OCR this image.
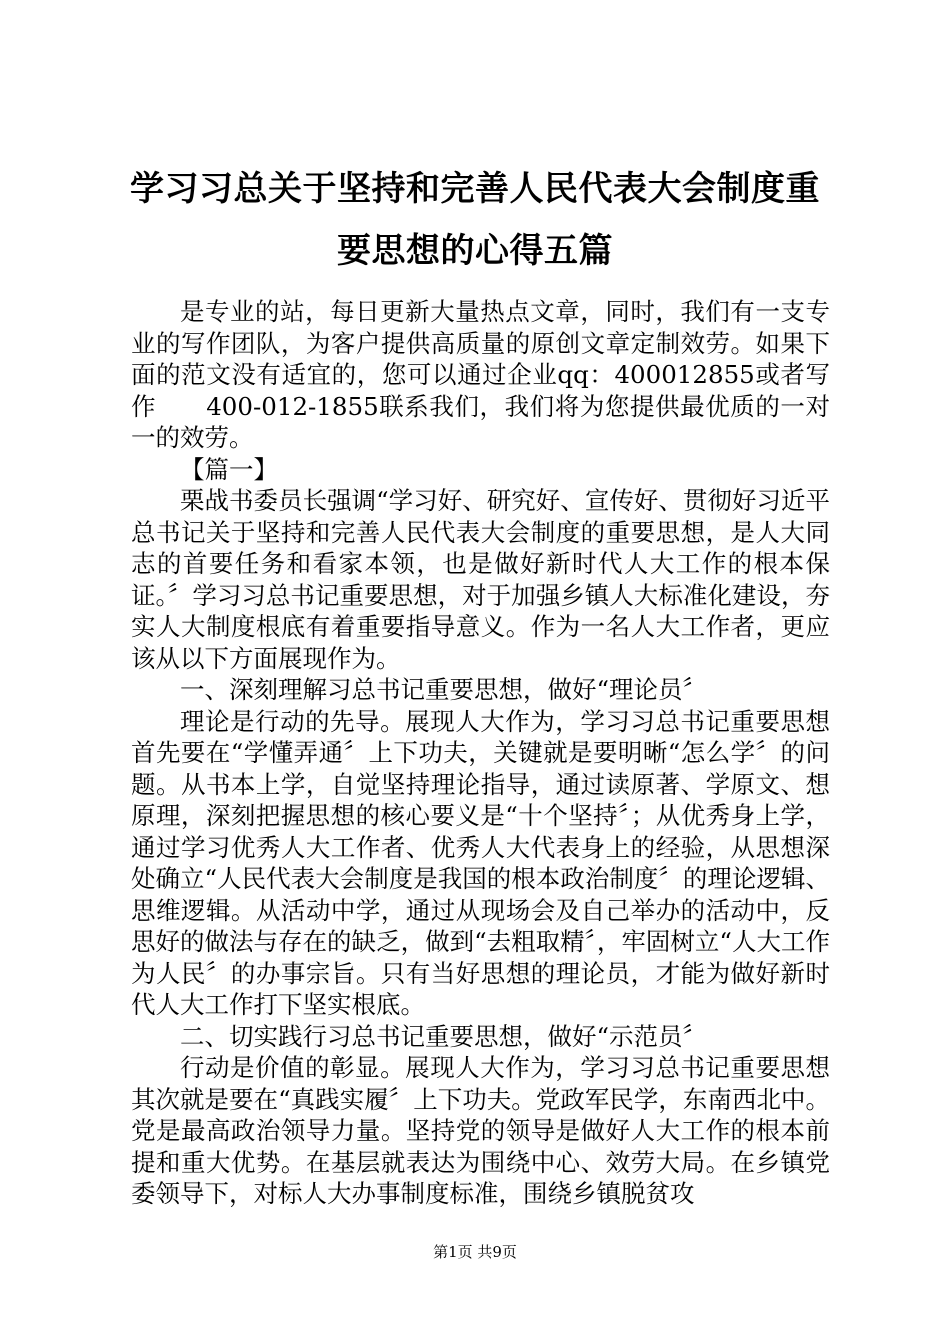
学习习总关于坚持和完善人民代表大会制度重要思想的心得五篇

是专业的站，每日更新大量热点文章，同时，我们有一支专业的写作团队，为客户提供高质量的原创文章定制效劳。如果下面的范文没有适宜的，您可以通过企业qq：400012855或者写作　　400-012-1855联系我们，我们将为您提供最优质的一对一的效劳。

【篇一】

栗战书委员长强调“学习好、研究好、宣传好、贯彻好习近平总书记关于坚持和完善人民代表大会制度的重要思想，是人大同志的首要任务和看家本领，也是做好新时代人大工作的根本保证。〞学习习总书记重要思想，对于加强乡镇人大标准化建设，夯实人大制度根底有着重要指导意义。作为一名人大工作者，更应该从以下方面展现作为。

一、深刻理解习总书记重要思想，做好“理论员〞

理论是行动的先导。展现人大作为，学习习总书记重要思想首先要在“学懂弄通〞上下功夫，关键就是要明晰“怎么学〞的问题。从书本上学，自觉坚持理论指导，通过读原著、学原文、想原理，深刻把握思想的核心要义是“十个坚持〞；从优秀身上学，通过学习优秀人大工作者、优秀人大代表身上的经验，从思想深处确立“人民代表大会制度是我国的根本政治制度〞的理论逻辑、思维逻辑。从活动中学，通过从现场会及自己举办的活动中，反思好的做法与存在的缺乏，做到“去粗取精〞，牢固树立“人大工作为人民〞的办事宗旨。只有当好思想的理论员，才能为做好新时代人大工作打下坚实根底。

二、切实践行习总书记重要思想，做好“示范员〞

行动是价值的彰显。展现人大作为，学习习总书记重要思想其次就是要在“真践实履〞上下功夫。党政军民学，东南西北中。党是最高政治领导力量。坚持党的领导是做好人大工作的根本前提和重大优势。在基层就表达为围绕中心、效劳大局。在乡镇党委领导下，对标人大办事制度标准，围绕乡镇脱贫攻

第1页 共9页
